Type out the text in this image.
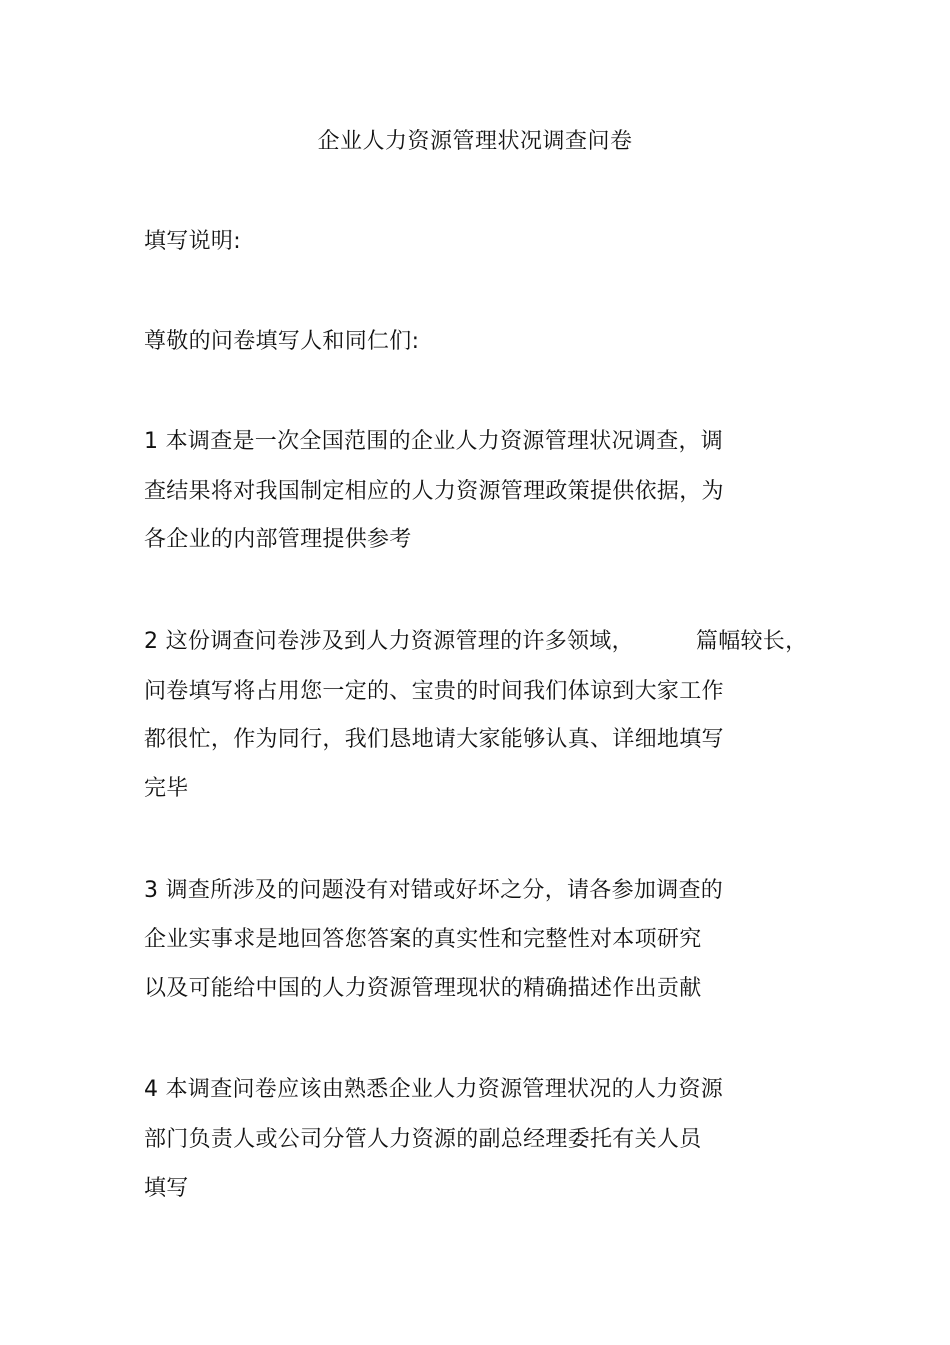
企业人力资源管理状况调查问卷
填写说明:
尊敬的问卷填写人和同仁们:
1 本调查是一次全国范围的企业人力资源管理状况调查，调
查结果将对我国制定相应的人力资源管理政策提供依据，为
各企业的内部管理提供参考
2 这份调查问卷涉及到人力资源管理的许多领域，	篇幅较长，
问卷填写将占用您一定的、宝贵的时间我们体谅到大家工作
都很忙，作为同行，我们恳地请大家能够认真、详细地填写
完毕
3 调查所涉及的问题没有对错或好坏之分，请各参加调查的
企业实事求是地回答您答案的真实性和完整性对本项研究
以及可能给中国的人力资源管理现状的精确描述作出贡献
4 本调查问卷应该由熟悉企业人力资源管理状况的人力资源
部门负责人或公司分管人力资源的副总经理委托有关人员
填写
